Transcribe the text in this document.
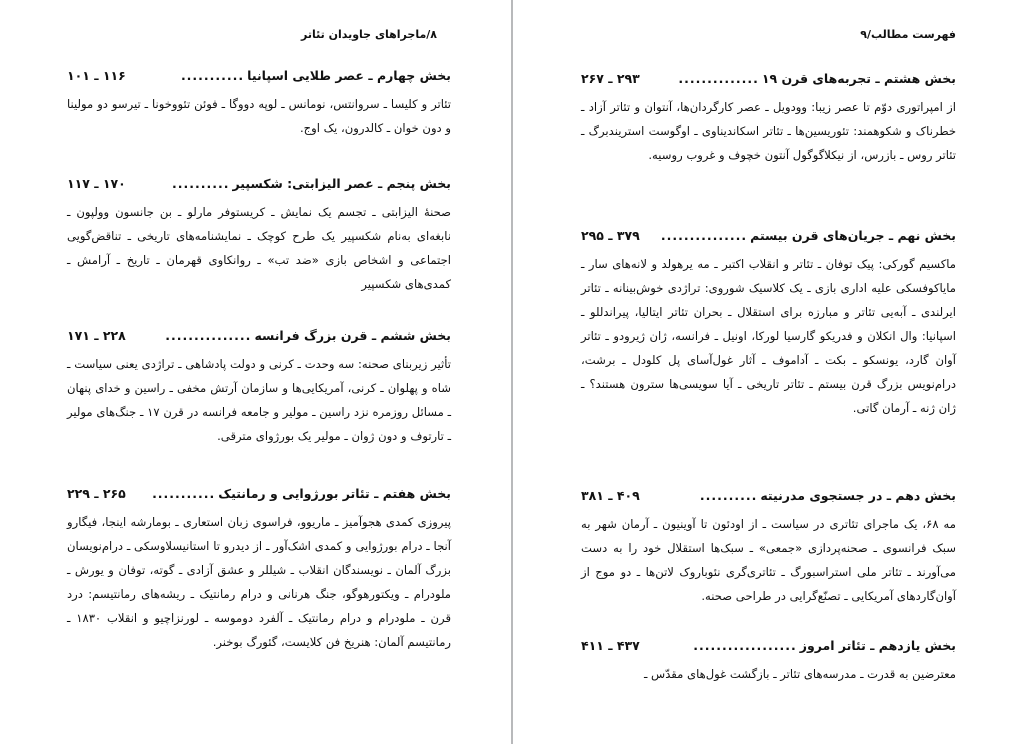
۸/ماجراهای جاویدان تئاتر
بخش چهارم ـ عصر طلایی اسپانیا
...........
۱۱۶ ـ ۱۰۱
تئاتر و کلیسا ـ سروانتس، نومانس ـ لوپه دووگا ـ فوئن تئووخونا ـ تیرسو دو مولینا و دون خوان ـ کالدرون، یک اوج.
بخش پنجم ـ عصر الیزابتی: شکسپیر
..........
۱۷۰ ـ ۱۱۷
صحنهٔ الیزابتی ـ تجسم یک نمایش ـ کریستوفر مارلو ـ بن جانسون وولپون ـ نابغه‌ای به‌نام شکسپیر یک طرح کوچک ـ نمایشنامه‌های تاریخی ـ تناقض‌گویی اجتماعی و اشخاص بازی «ضد تب» ـ روانکاوی قهرمان ـ تاریخ ـ آرامش ـ کمدی‌های شکسپیر
بخش ششم ـ قرن بزرگ فرانسه
...............
۲۲۸ ـ ۱۷۱
تأثیر زیربنای صحنه: سه وحدت ـ کرنی و دولت پادشاهی ـ تراژدی یعنی سیاست ـ شاه و پهلوان ـ کرنی، آمریکایی‌ها و سازمان آرتش مخفی ـ راسین و خدای پنهان ـ مسائل روزمره نزد راسین ـ مولیر و جامعه فرانسه در قرن ۱۷ ـ جنگ‌های مولیر ـ تارتوف و دون ژوان ـ مولیر یک بورژوای مترقی.
بخش هفتم ـ تئاتر بورژوایی و رمانتیک
...........
۲۶۵ ـ ۲۲۹
پیروزی کمدی هجوآمیز ـ ماریوو، فراسوی زبان استعاری ـ بومارشه اینجا، فیگارو آنجا ـ درام بورژوایی و کمدی اشک‌آور ـ از دیدرو تا استانیسلاوسکی ـ درام‌نویسان بزرگ آلمان ـ نویسندگان انقلاب ـ شیللر و عشق آزادی ـ گوته، توفان و یورش ـ ملودرام ـ ویکتورهوگو، جنگ هرنانی و درام رمانتیک ـ ریشه‌های رمانتیسم: درد قرن ـ ملودرام و درام رمانتیک ـ آلفرد دوموسه ـ لورنزاچیو و انقلاب ۱۸۳۰ ـ رمانتیسم آلمان: هنریخ فن کلایست، گئورگ بوخنر.
فهرست مطالب/۹
بخش هشتم ـ تجربه‌های قرن ۱۹
..............
۲۹۳ ـ ۲۶۷
از امپراتوری دوّم تا عصر زیبا: وودویل ـ عصر کارگردان‌ها، آنتوان و تئاتر آزاد ـ خطرناک و شکوهمند: تئوریسین‌ها ـ تئاتر اسکاندیناوی ـ اوگوست استریندبرگ ـ تئاتر روس ـ بازرس، از نیکلاگوگول آنتون خچوف و غروب روسیه.
بخش نهم ـ جریان‌های قرن بیستم
...............
۳۷۹ ـ ۲۹۵
ماکسیم گورکی: پیک توفان ـ تئاتر و انقلاب اکتبر ـ مه یرهولد و لانه‌های سار ـ مایاکوفسکی علیه اداری بازی ـ یک کلاسیک شوروی: تراژدی خوش‌بینانه ـ تئاتر ایرلندی ـ آبه‌یی تئاتر و مبارزه برای استقلال ـ بحران تئاتر ایتالیا، پیراندللو ـ اسپانیا: وال انکلان و فدریکو گارسیا لورکا، اونیل ـ فرانسه، ژان ژیرودو ـ تئاتر آوان گارد، یونسکو ـ بکت ـ آداموف ـ آثار غول‌آسای پل کلودل ـ برشت، درام‌نویس بزرگ قرن بیستم ـ تئاتر تاریخی ـ آیا سویسی‌ها سترون هستند؟ ـ ژان ژنه ـ آرمان گاتی.
بخش دهم ـ در جستجوی مدرنیته
..........
۴۰۹ ـ ۳۸۱
مه ۶۸، یک ماجرای تئاتری در سیاست ـ از اودئون تا آوینیون ـ آرمان شهر به سبک فرانسوی ـ صحنه‌پردازی «جمعی» ـ سبک‌ها استقلال خود را به دست می‌آورند ـ تئاتر ملی استراسبورگ ـ تئاتری‌گری نئوباروک لاتن‌ها ـ دو موج از آوان‌گاردهای آمریکایی ـ تصنّع‌گرایی در طراحی صحنه.
بخش یازدهم ـ تئاتر امروز
..................
۴۳۷ ـ ۴۱۱
معترضین به قدرت ـ مدرسه‌های تئاتر ـ بازگشت غول‌های مقدّس ـ
